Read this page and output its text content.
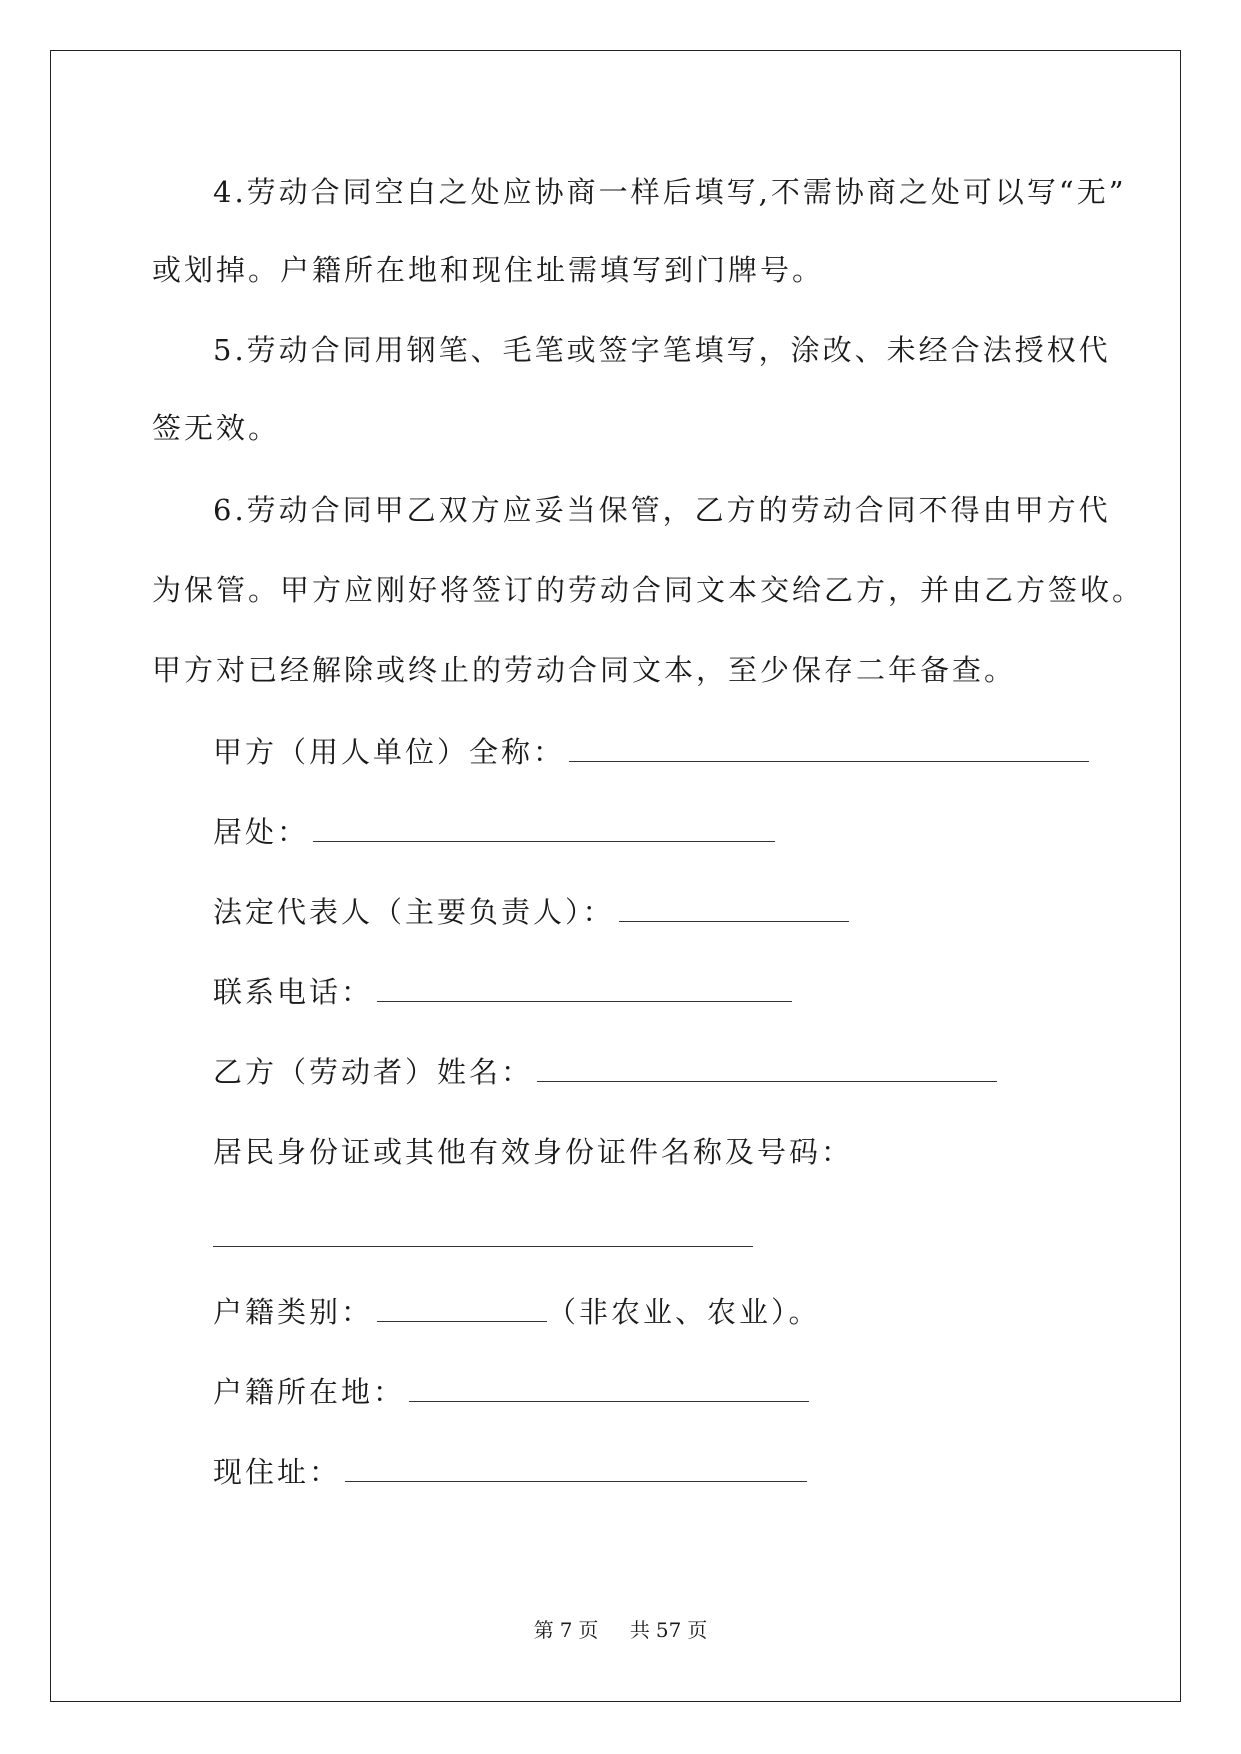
4.劳动合同空白之处应协商一样后填写,不需协商之处可以写“无”
或划掉。户籍所在地和现住址需填写到门牌号。
5.劳动合同用钢笔、毛笔或签字笔填写，涂改、未经合法授权代
签无效。
6.劳动合同甲乙双方应妥当保管，乙方的劳动合同不得由甲方代
为保管。甲方应刚好将签订的劳动合同文本交给乙方，并由乙方签收。
甲方对已经解除或终止的劳动合同文本，至少保存二年备查。
甲方（用人单位）全称：
居处：
法定代表人（主要负责人）：
联系电话：
乙方（劳动者）姓名：
居民身份证或其他有效身份证件名称及号码：
户籍类别：	（非农业、农业）。
户籍所在地：
现住址：
第 7 页 共 57 页
